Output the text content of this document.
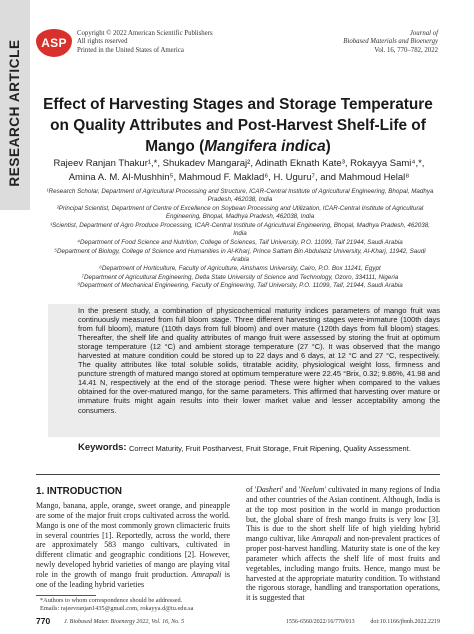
RESEARCH ARTICLE	ASP
Copyright © 2022 American Scientific Publishers
All rights reserved
Printed in the United States of America
Journal of
Biobased Materials and Bioenergy
Vol. 16, 770–782, 2022
Effect of Harvesting Stages and Storage Temperature on Quality Attributes and Post-Harvest Shelf-Life of Mango (Mangifera indica)
Rajeev Ranjan Thakur¹,*, Shukadev Mangaraj², Adinath Eknath Kate³, Rokayya Sami⁴,*,
Amina A. M. Al-Mushhin⁵, Mahmoud F. Maklad⁶, H. Uguru⁷, and Mahmoud Helal⁸

¹Research Scholar, Department of Agricultural Processing and Structure, ICAR-Central Institute of Agricultural Engineering, Bhopal, Madhya Pradesh, 462038, India

²Principal Scientist, Department of Centre of Excellence on Soybean Processing and Utilization, ICAR-Central Institute of Agricultural Engineering, Bhopal, Madhya Pradesh, 462038, India

³Scientist, Department of Agro Produce Processing, ICAR-Central Institute of Agricultural Engineering, Bhopal, Madhya Pradesh, 462038, India

⁴Department of Food Science and Nutrition, College of Sciences, Taif University, P.O. 11099, Taif 21944, Saudi Arabia

⁵Department of Biology, College of Science and Humanities in Al-Kharj, Prince Sattam Bin Abdulaziz University, Al-Kharj, 11942, Saudi Arabia

⁶Department of Horticulture, Faculty of Agriculture, Ainshams University, Cairo, P.O. Box 11241, Egypt

⁷Department of Agricultural Engineering, Delta State University of Science and Technology, Ozoro, 334111, Nigeria

⁸Department of Mechanical Engineering, Faculty of Engineering, Taif University, P.O. 11099, Taif, 21944, Saudi Arabia

In the present study, a combination of physicochemical maturity indices parameters of mango fruit was continuously measured from full bloom stage. Three different harvesting stages were-immature (100th days from full bloom), mature (110th days from full bloom) and over mature (120th days from full bloom) stages. Thereafter, the shelf life and quality attributes of mango fruit were assessed by storing the fruit at optimum storage temperature (12 °C) and ambient storage temperature (27 °C). It was observed that the mango harvested at mature condition could be stored up to 22 days and 6 days, at 12 °C and 27 °C, respectively. The quality attributes like total soluble solids, titratable acidity, physiological weight loss, firmness and puncture strength of matured mango stored at optimum temperature were 22.45 °Brix, 0.32; 9.86%, 41.98 and 14.41 N, respectively at the end of the storage period. These were higher when compared to the values obtained for the over-matured mango, for the same parameters. This affirmed that harvesting over mature or immature fruits might again results into their lower market value and lesser acceptability among the consumers.

Keywords: Correct Maturity, Fruit Postharvest, Fruit Storage, Fruit Ripening, Quality Assessment.

1. INTRODUCTION

Mango, banana, apple, orange, sweet orange, and pineapple are some of the major fruit crops cultivated across the world. Mango is one of the most commonly grown climacteric fruits in several countries [1]. Reportedly, across the world, there are approximately 583 mango cultivars, cultivated in different climatic and geographic conditions [2]. However, newly developed hybrid varieties of mango are playing vital role in the growth of mango fruit production. Amrapali is one of the leading hybrid varieties

of 'Dasheri' and 'Neelum' cultivated in many regions of India and other countries of the Asian continent. Although, India is at the top most position in the world in mango production but, the global share of fresh mango fruits is very low [3]. This is due to the short shelf life of high yielding hybrid mango cultivar, like Amrapali and non-prevalent practices of proper post-harvest handling. Maturity state is one of the key parameter which affects the shelf life of most fruits and vegetables, including mango fruits. Hence, mango must be harvested at the appropriate maturity condition. To withstand the rigorous storage, handling and transportation operations, it is suggested that

*Authors to whom correspondence should be addressed.
Emails: rajeevranjan1435@gmail.com, rokayya.d@tu.edu.sa
770 J. Biobased Mater. Bioenergy 2022, Vol. 16, No. 5	1556-6560/2022/16/770/013	doi:10.1166/jbmb.2022.2219
